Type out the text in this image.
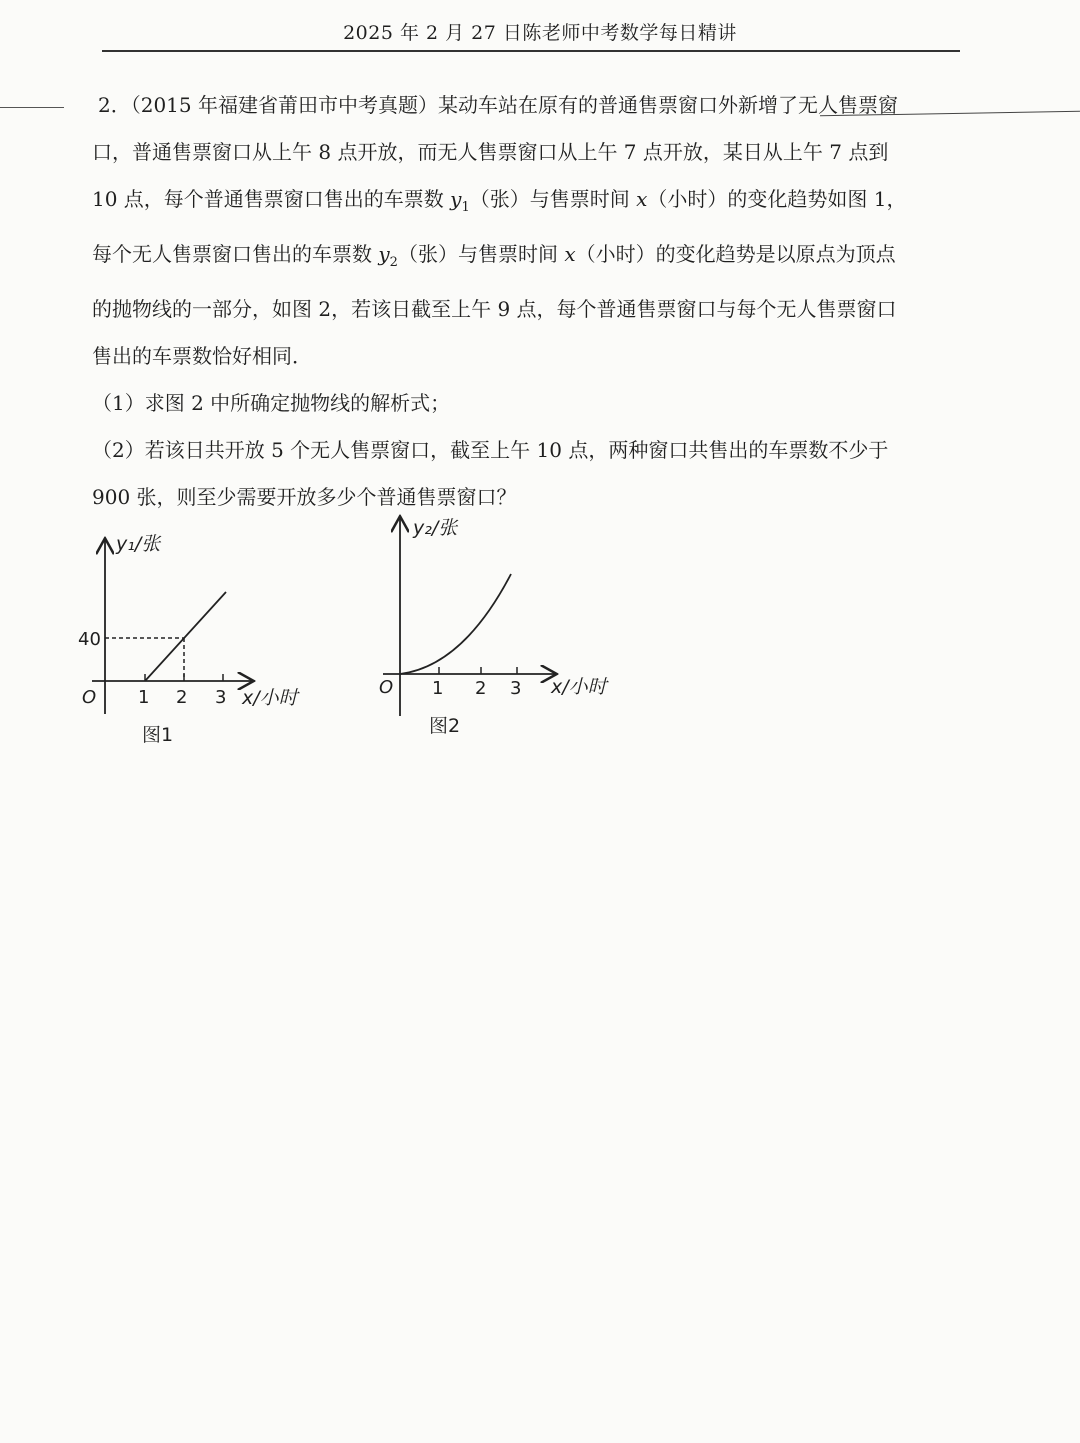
2025 年 2 月 27 日陈老师中考数学每日精讲

2．（2015 年福建省莆田市中考真题）某动车站在原有的普通售票窗口外新增了无人售票窗

口，普通售票窗口从上午 8 点开放，而无人售票窗口从上午 7 点开放，某日从上午 7 点到

10 点，每个普通售票窗口售出的车票数 $y_1$（张）与售票时间 x（小时）的变化趋势如图 1，

每个无人售票窗口售出的车票数 $y_2$（张）与售票时间 x（小时）的变化趋势是以原点为顶点

的抛物线的一部分，如图 2，若该日截至上午 9 点，每个普通售票窗口与每个无人售票窗口

售出的车票数恰好相同．

（1）求图 2 中所确定抛物线的解析式；

（2）若该日共开放 5 个无人售票窗口，截至上午 10 点，两种窗口共售出的车票数不少于

900 张，则至少需要开放多少个普通售票窗口？

y₁/张
40
O 1 2 3 x/小时
图1
y₂/张
O 1 2 3 x/小时
图2
